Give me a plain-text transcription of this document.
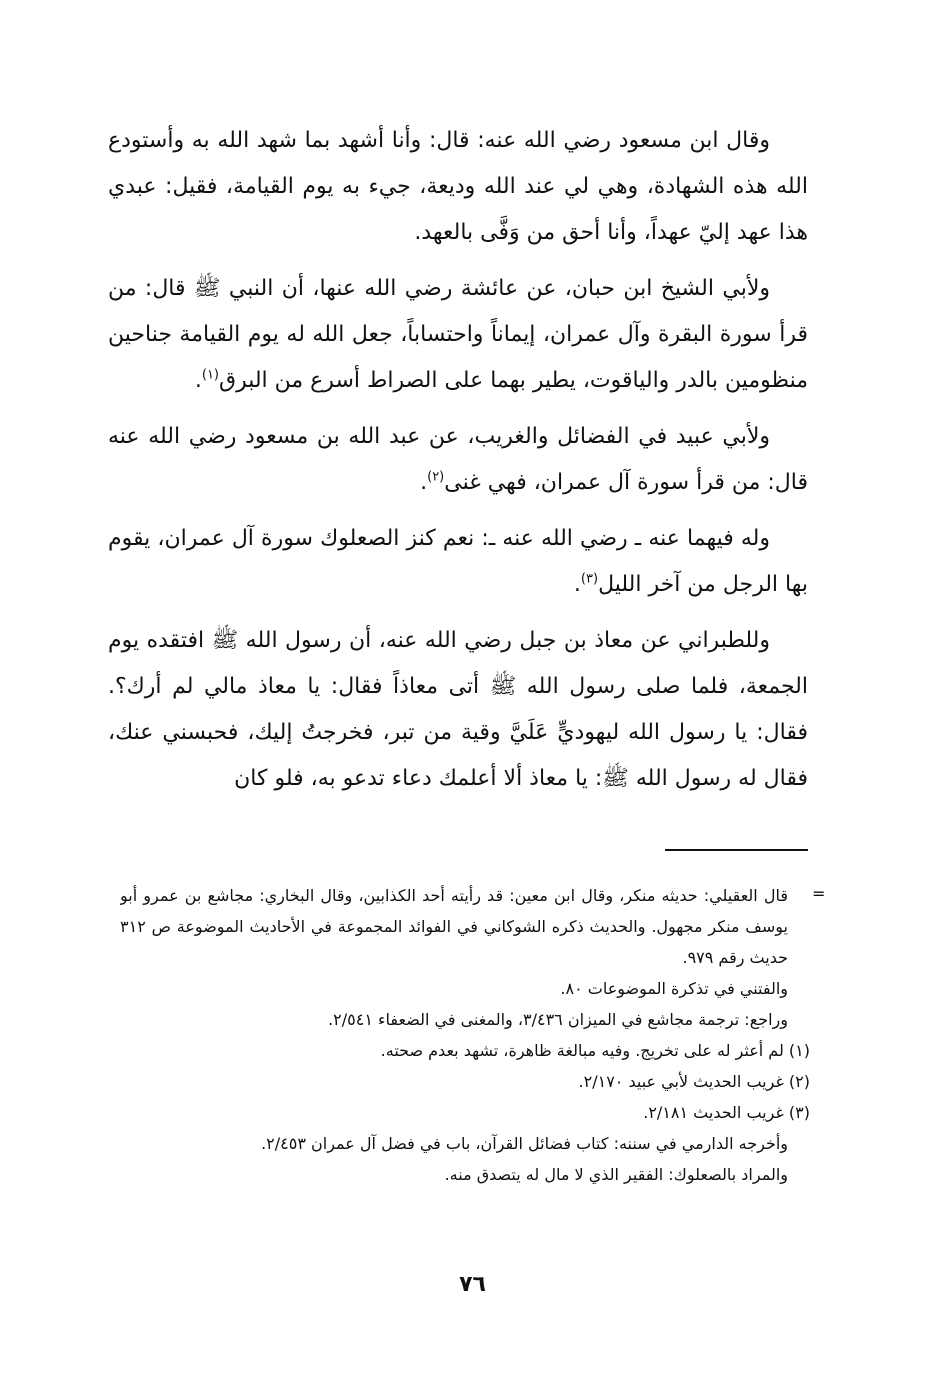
وقال ابن مسعود رضي الله عنه: قال: وأنا أشهد بما شهد الله به وأستودع الله هذه الشهادة، وهي لي عند الله وديعة، جيء به يوم القيامة، فقيل: عبدي هذا عهد إليّ عهداً، وأنا أحق من وَفَّى بالعهد.

ولأبي الشيخ ابن حبان، عن عائشة رضي الله عنها، أن النبي ﷺ قال: من قرأ سورة البقرة وآل عمران، إيماناً واحتساباً، جعل الله له يوم القيامة جناحين منظومين بالدر والياقوت، يطير بهما على الصراط أسرع من البرق$^{(١)}$.

ولأبي عبيد في الفضائل والغريب، عن عبد الله بن مسعود رضي الله عنه قال: من قرأ سورة آل عمران، فهي غنى$^{(٢)}$.

وله فيهما عنه ـ رضي الله عنه ـ: نعم كنز الصعلوك سورة آل عمران، يقوم بها الرجل من آخر الليل$^{(٣)}$.

وللطبراني عن معاذ بن جبل رضي الله عنه، أن رسول الله ﷺ افتقده يوم الجمعة، فلما صلى رسول الله ﷺ أتى معاذاً فقال: يا معاذ مالي لم أرك؟. فقال: يا رسول الله ليهوديٍّ عَلَيَّ وقية من تبر، فخرجتُ إليك، فحبسني عنك، فقال له رسول الله ﷺ: يا معاذ ألا أعلمك دعاء تدعو به، فلو كان

=

قال العقيلي: حديثه منكر، وقال ابن معين: قد رأيته أحد الكذابين، وقال البخاري: مجاشع بن عمرو أبو يوسف منكر مجهول. والحديث ذكره الشوكاني في الفوائد المجموعة في الأحاديث الموضوعة ص ٣١٢ حديث رقم ٩٧٩.

والفتني في تذكرة الموضوعات ٨٠.

وراجع: ترجمة مجاشع في الميزان ٣/٤٣٦، والمغنى في الضعفاء ٢/٥٤١.

(١) لم أعثر له على تخريج. وفيه مبالغة ظاهرة، تشهد بعدم صحته.

(٢) غريب الحديث لأبي عبيد ٢/١٧٠.

(٣) غريب الحديث ٢/١٨١.

وأخرجه الدارمي في سننه: كتاب فضائل القرآن، باب في فضل آل عمران ٢/٤٥٣.

والمراد بالصعلوك: الفقير الذي لا مال له يتصدق منه.

٧٦
